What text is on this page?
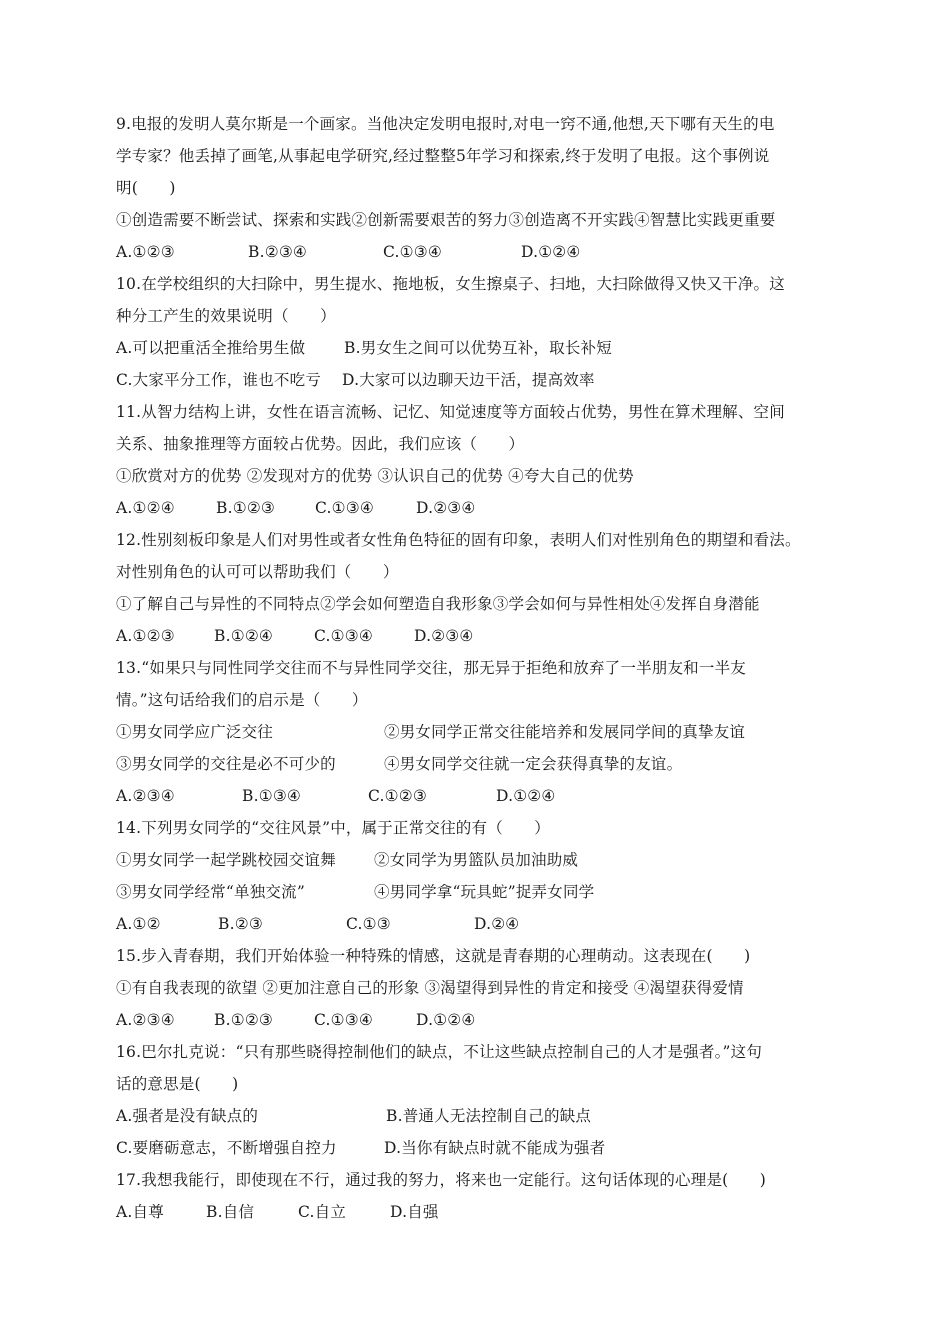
9.电报的发明人莫尔斯是一个画家。当他决定发明电报时,对电一窍不通,他想,天下哪有天生的电
学专家？他丢掉了画笔,从事起电学研究,经过整整5年学习和探索,终于发明了电报。这个事例说
明(　　)
①创造需要不断尝试、探索和实践②创新需要艰苦的努力③创造离不开实践④智慧比实践更重要
A.①②③	B.②③④	C.①③④	D.①②④
10.在学校组织的大扫除中，男生提水、拖地板，女生擦桌子、扫地，大扫除做得又快又干净。这
种分工产生的效果说明（　　）
A.可以把重活全推给男生做	B.男女生之间可以优势互补，取长补短
C.大家平分工作，谁也不吃亏 D.大家可以边聊天边干活，提高效率
11.从智力结构上讲，女性在语言流畅、记忆、知觉速度等方面较占优势，男性在算术理解、空间
关系、抽象推理等方面较占优势。因此，我们应该（　　）
①欣赏对方的优势 ②发现对方的优势 ③认识自己的优势 ④夸大自己的优势
A.①②④	B.①②③	C.①③④	D.②③④
12.性别刻板印象是人们对男性或者女性角色特征的固有印象，表明人们对性别角色的期望和看法。
对性别角色的认可可以帮助我们（　　）
①了解自己与异性的不同特点②学会如何塑造自我形象③学会如何与异性相处④发挥自身潜能
A.①②③	B.①②④	C.①③④	D.②③④
13.“如果只与同性同学交往而不与异性同学交往，那无异于拒绝和放弃了一半朋友和一半友
情。”这句话给我们的启示是（　　）
①男女同学应广泛交往	②男女同学正常交往能培养和发展同学间的真挚友谊
③男女同学的交往是必不可少的	④男女同学交往就一定会获得真挚的友谊。
A.②③④	B.①③④	C.①②③	D.①②④
14.下列男女同学的“交往风景”中，属于正常交往的有（　　）
①男女同学一起学跳校园交谊舞 ②女同学为男篮队员加油助威
③男女同学经常“单独交流”	④男同学拿“玩具蛇”捉弄女同学
A.①②	B.②③	C.①③	D.②④
15.步入青春期，我们开始体验一种特殊的情感，这就是青春期的心理萌动。这表现在(　　)
①有自我表现的欲望 ②更加注意自己的形象 ③渴望得到异性的肯定和接受 ④渴望获得爱情
A.②③④	B.①②③	C.①③④	D.①②④
16.巴尔扎克说：“只有那些晓得控制他们的缺点，不让这些缺点控制自己的人才是强者。”这句
话的意思是(　　)
A.强者是没有缺点的	B.普通人无法控制自己的缺点
C.要磨砺意志，不断增强自控力	D.当你有缺点时就不能成为强者
17.我想我能行，即使现在不行，通过我的努力，将来也一定能行。这句话体现的心理是(　　)
A.自尊	B.自信	C.自立	D.自强
